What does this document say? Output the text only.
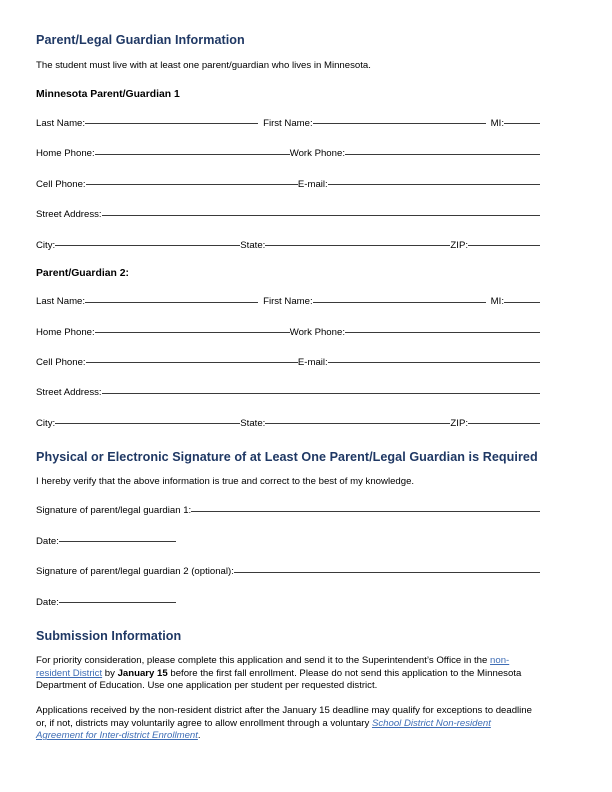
Parent/Legal Guardian Information

The student must live with at least one parent/guardian who lives in Minnesota.

Minnesota Parent/Guardian 1
Last Name:	First Name:	MI:
Home Phone:	Work Phone:
Cell Phone:	E-mail:
Street Address:
City:	State:	ZIP:
Parent/Guardian 2:
Last Name:	First Name:	MI:
Home Phone:	Work Phone:
Cell Phone:	E-mail:
Street Address:
City:	State:	ZIP:
Physical or Electronic Signature of at Least One Parent/Legal Guardian is Required

I hereby verify that the above information is true and correct to the best of my knowledge.

Signature of parent/legal guardian 1:
Date:
Signature of parent/legal guardian 2 (optional):
Date:
Submission Information

For priority consideration, please complete this application and send it to the Superintendent’s Office in the non-resident District by January 15 before the first fall enrollment. Please do not send this application to the Minnesota Department of Education. Use one application per student per requested district.

Applications received by the non-resident district after the January 15 deadline may qualify for exceptions to deadline or, if not, districts may voluntarily agree to allow enrollment through a voluntary School District Non-resident Agreement for Inter-district Enrollment.
